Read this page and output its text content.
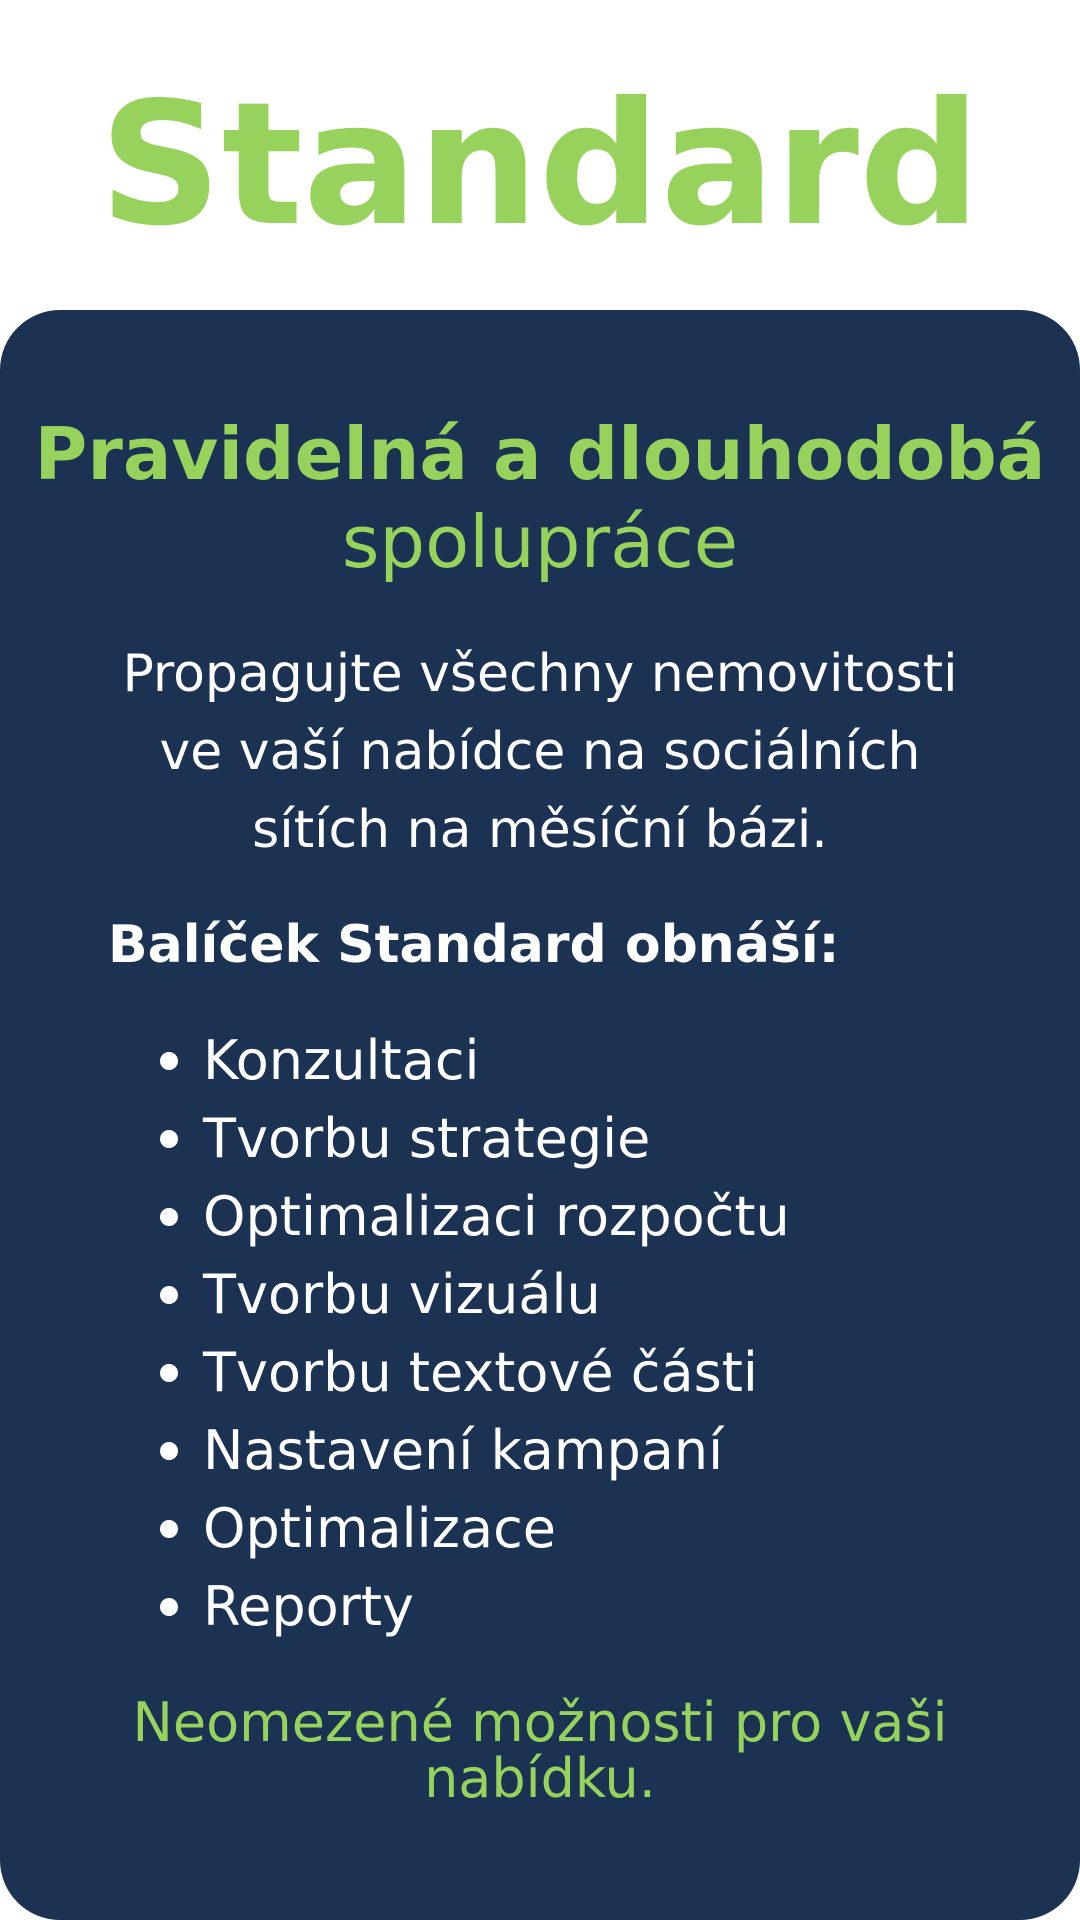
Standard
Pravidelná a dlouhodobá
spolupráce

Propagujte všechny nemovitosti ve vaší nabídce na sociálních sítích na měsíční bázi.

Balíček Standard obnáší:

Konzultaci
Tvorbu strategie
Optimalizaci rozpočtu
Tvorbu vizuálu
Tvorbu textové části
Nastavení kampaní
Optimalizace
Reporty

Neomezené možnosti pro vaši nabídku.
